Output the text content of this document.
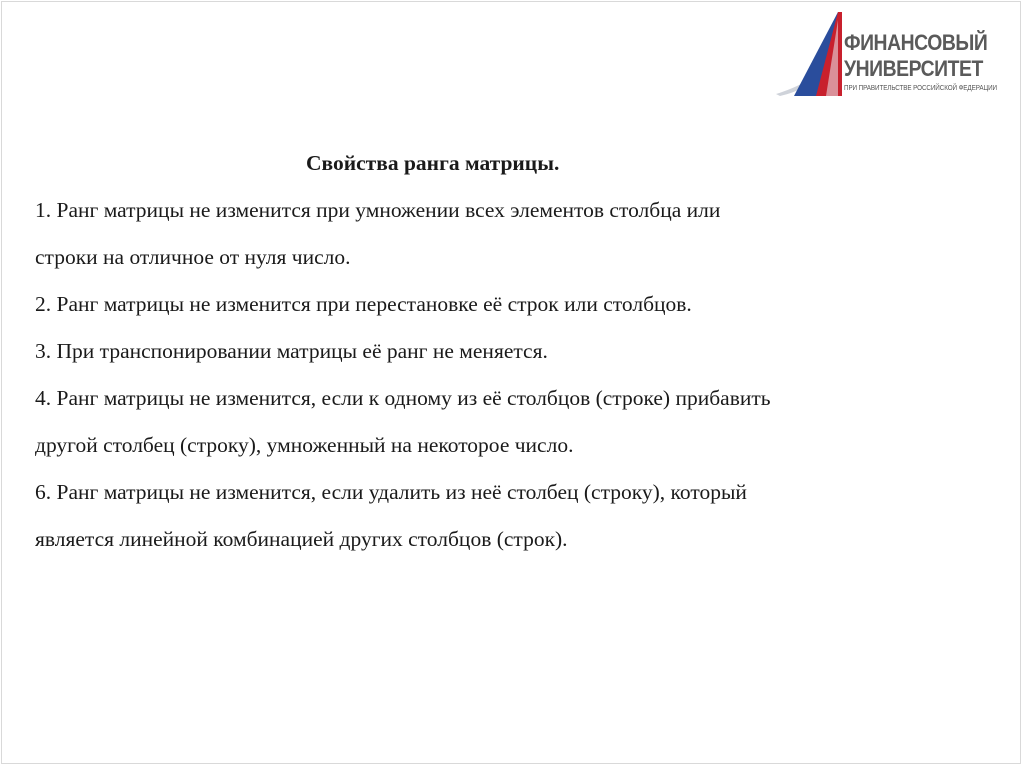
ФИНАНСОВЫЙ
УНИВЕРСИТЕТ
ПРИ ПРАВИТЕЛЬСТВЕ РОССИЙСКОЙ ФЕДЕРАЦИИ
Свойства ранга матрицы.

1. Ранг матрицы не изменится при умножении всех элементов столбца или
строки на отличное от нуля число.

2. Ранг матрицы не изменится при перестановке её строк или столбцов.

3. При транспонировании матрицы её ранг не меняется.

4. Ранг матрицы не изменится, если к одному из её столбцов (строке) прибавить
другой столбец (строку), умноженный на некоторое число.

6. Ранг матрицы не изменится, если удалить из неё столбец (строку), который
является линейной комбинацией других столбцов (строк).
